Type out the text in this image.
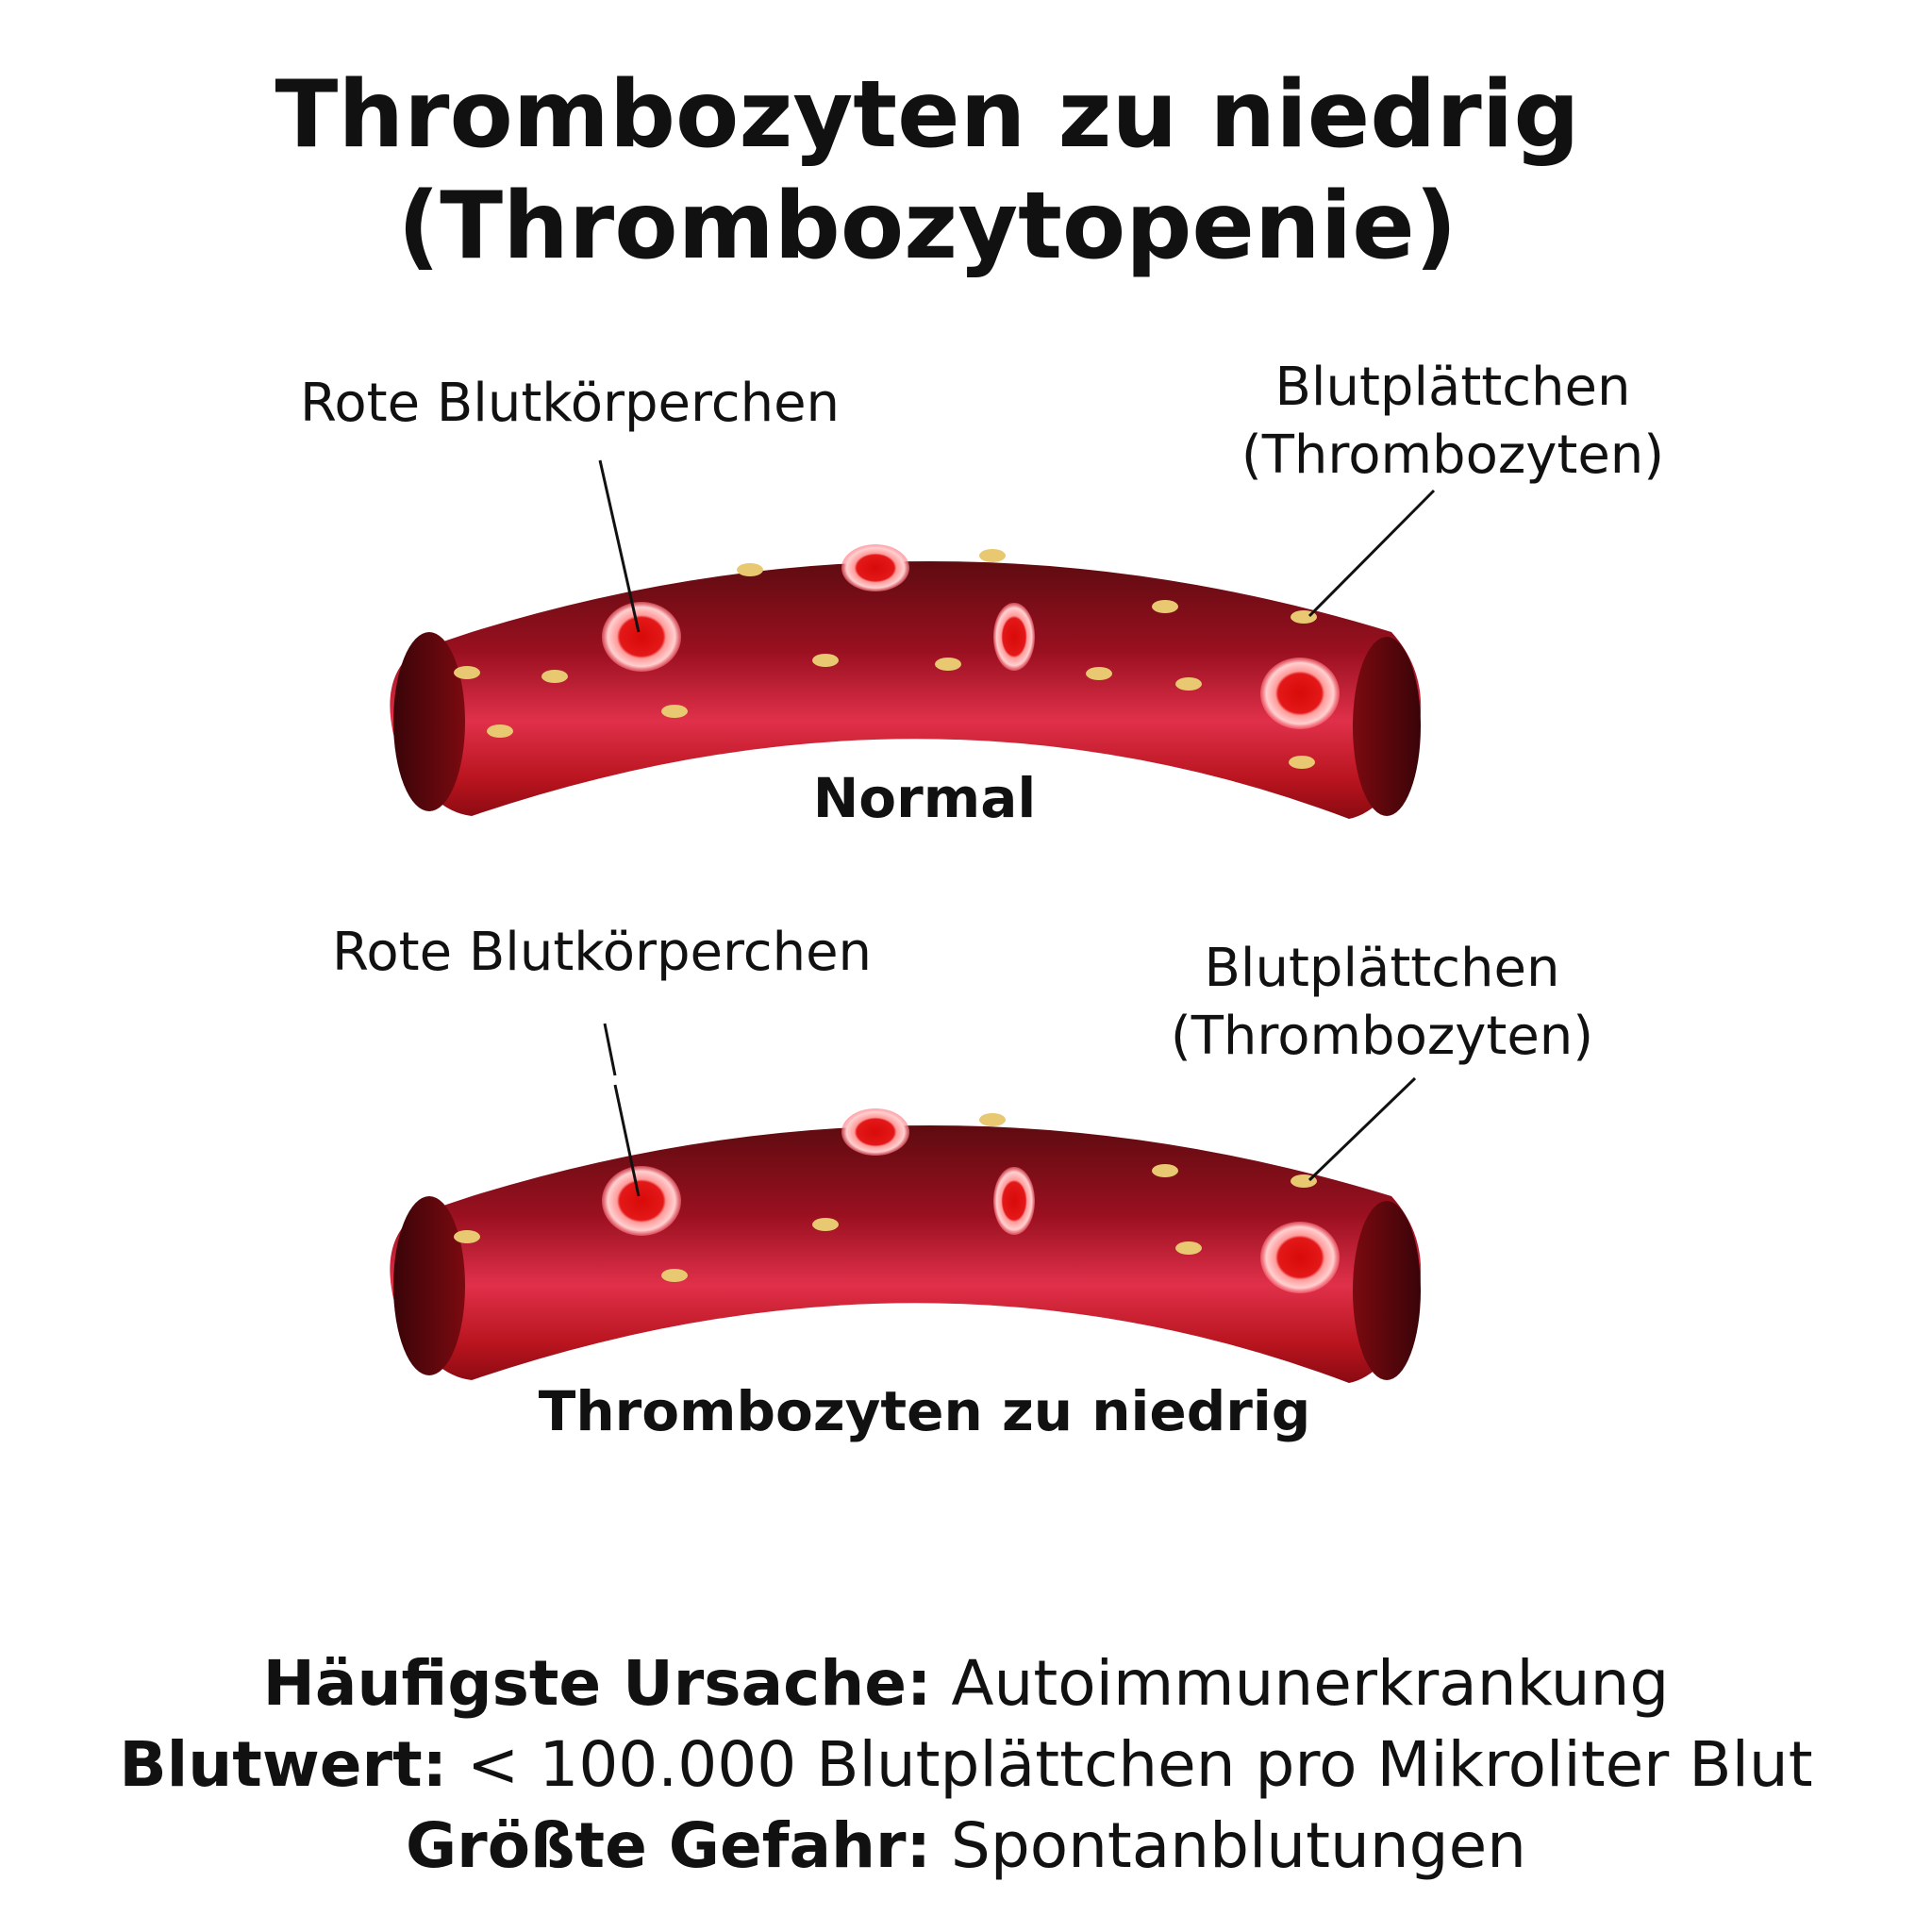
Thrombozyten zu niedrig
(Thrombozytopenie)
Rote Blutkörperchen	Blutplättchen
(Thrombozyten)
Normal
Rote Blutkörperchen	Blutplättchen
(Thrombozyten)
Thrombozyten zu niedrig
Häufigste Ursache: Autoimmunerkrankung
Blutwert: < 100.000 Blutplättchen pro Mikroliter Blut
Größte Gefahr: Spontanblutungen
